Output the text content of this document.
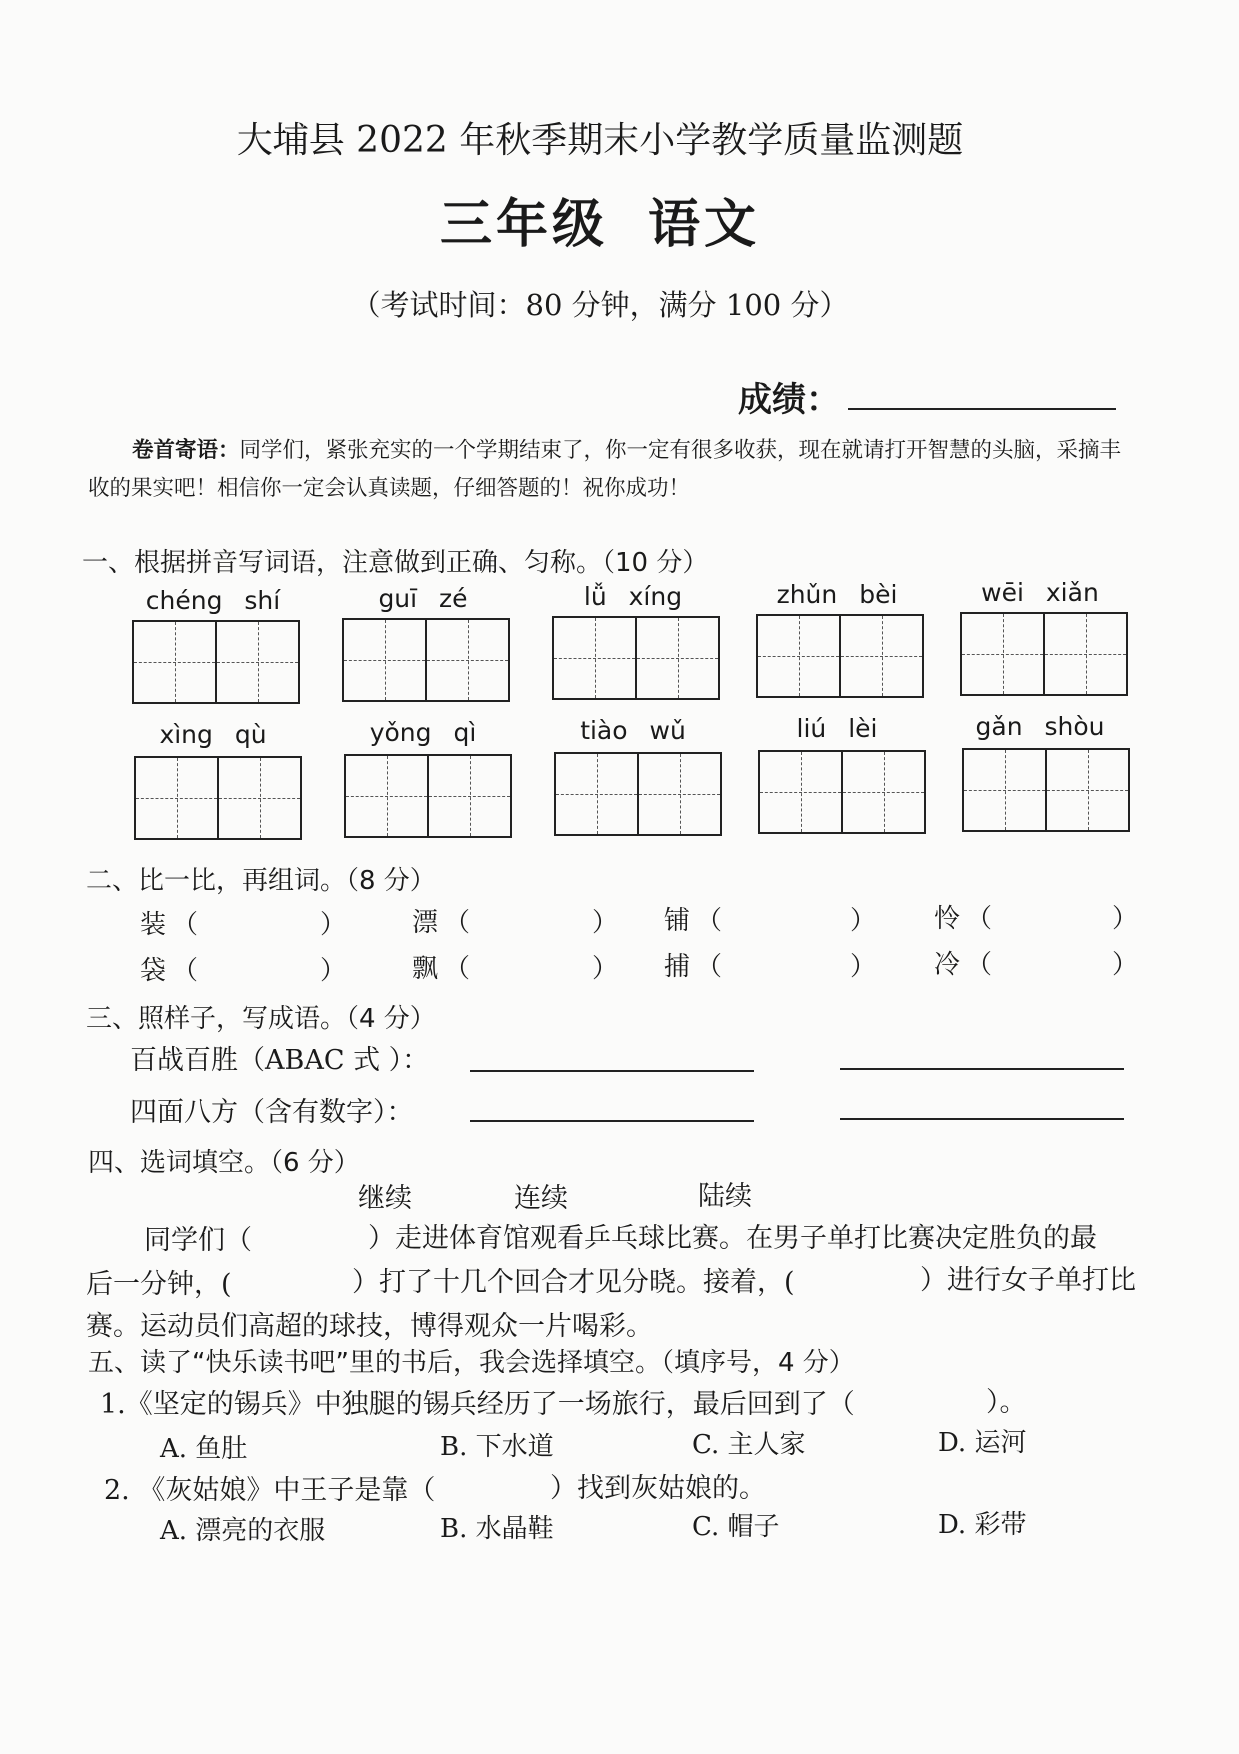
大埔县 2022 年秋季期末小学教学质量监测题
三年级 语文
（考试时间：80 分钟，满分 100 分）
成绩：
卷首寄语：同学们，紧张充实的一个学期结束了，你一定有很多收获，现在就请打开智慧的头脑，采摘丰收的果实吧！相信你一定会认真读题，仔细答题的！祝你成功！
一、根据拼音写词语，注意做到正确、匀称。（10 分）
chéng shí	guī zé	lǚ xíng	zhǔn bèi	wēi xiǎn
xìng qù	yǒng qì	tiào wǔ	liú lèi	gǎn shòu
二、比一比，再组词。（8 分）
装 （	）	漂 （	） 铺 （	） 怜 （	）
袋 （	）	飘 （	） 捕 （	） 冷 （	）
三、照样子，写成语。（4 分）
百战百胜（ABAC 式 ）：
四面八方（含有数字）：
四、选词填空。（6 分）
继续	连续	陆续
同学们（	）走进体育馆观看乒乓球比赛。在男子单打比赛决定胜负的最
后一分钟，(	）打了十几个回合才见分晓。接着，(	）进行女子单打比
赛。运动员们高超的球技，博得观众一片喝彩。
五、读了“快乐读书吧”里的书后，我会选择填空。（填序号，4 分）
1.《坚定的锡兵》中独腿的锡兵经历了一场旅行，最后回到了（	）。
A. 鱼肚	B. 下水道	C. 主人家	D. 运河
2. 《灰姑娘》中王子是靠（	）找到灰姑娘的。
A. 漂亮的衣服	B. 水晶鞋	C. 帽子	D. 彩带
